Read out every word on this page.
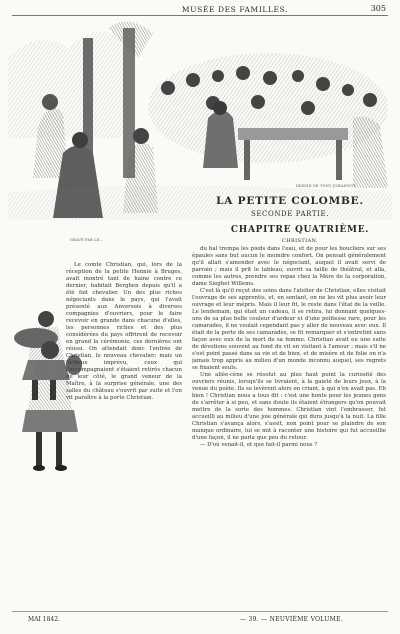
MUSÉE DES FAMILLES.	305
DESSIN DE TONY JOHANNOT
GRAVÉ PAR LE...
LA PETITE COLOMBE.
SECONDE PARTIE.
CHAPITRE QUATRIÈME.
CHRISTIAN.

Le comte Christian, qui, lors de la réception de la petite Hennie à Bruges, avait montré tant de haine contre ce dernier, habitait Berghen depuis qu'il a été fait chevalier. Un des plus riches négociants dans le pays, qui l'avait présenté aux Anversois à diverses compagnies d'ouvriers, pour le faire recevoir en grande dans chacune d'elles, les personnes riches et des plus considérées du pays offrirent de recevoir en grand la cérémonie, ces dernières ont réussi. On attendait donc l'entrée de Christian, le nouveau chevalier; mais un fâcheux imprévu, ceux qui l'accompagnaient s'étaient retirés chacun de leur côté, le grand veneur de la Maître, à la surprise générale, une des salles du château s'ouvrit par suite et l'on vit paraître à la porte Christian.

du bal trempa les pieds dans l'eau, et de pour les boucliers sur ses épaules sans but aucun le moindre confort. On pensait généralement qu'il allait s'amender avec le négociant, auquel il avait servi de parrain ; mais il prit le tableau, ouvrit sa taille de théâtral, et alla, comme les autres, prendre ses repas chez la Mère de la corporation, dame Sieghet Willems.

C'est là qu'il reçut des soins dans l'atelier de Christian, elles visitait l'ouvrage de ses apprentis, et, en sentant, on ne les vit plus avoir leur ouvrage et leur mépris. Mais il leur fit, le reste dans l'état de la veille. Le lendemain, qui était un cadeau, il se retira, lui donnant quelques-uns de sa plus belle couleur d'ardeur et d'une politesse rare, pour les camarades, il ne voulait cependant pas y aller de nouveau avec eux. Il était de la porte de ses camarades, se fit remarquer et s'entretint sans façon avec eux de la mort de sa femme. Christian avait eu une suite de dévotions souvent au fond du vit en visitant à l'amour ; mais s'il ne s'est point passé dans sa vie et de bien, et de misère et de folie on n'a jamais trop appris au milieu d'un monde inconnu auquel, ses regrets se fixaient seuls.

Une allée-cène se résolut au plus haut point la curiosité des ouvriers réunis, lorsqu'ils se livraient, à la gaieté de leurs jeux, à la venue du poète. Ils se levèrent alors en criant, à qui n'en avait pas. Eh bien ! Christian nous a tous dit : c'est une honte pour les jeunes gens de s'arrêter à si peu, et sans doute ils étaient étrangers qu'on pouvait mettre de la sorte des hommes. Christian vint l'embrasser, fut accueilli au milieu d'une joie générale qui dura jusqu'à la nuit. La fille Christian s'avança alors, s'assit, non point pour se plaindre de son manque ordinaire, lui se mit à raconter une histoire qui fut accueillie d'une façon, il ne parla que peu du retour.

— D'où venait-il, et que fait-il parmi nous ?

MAI 1842.	— 39. — NEUVIÈME VOLUME.
